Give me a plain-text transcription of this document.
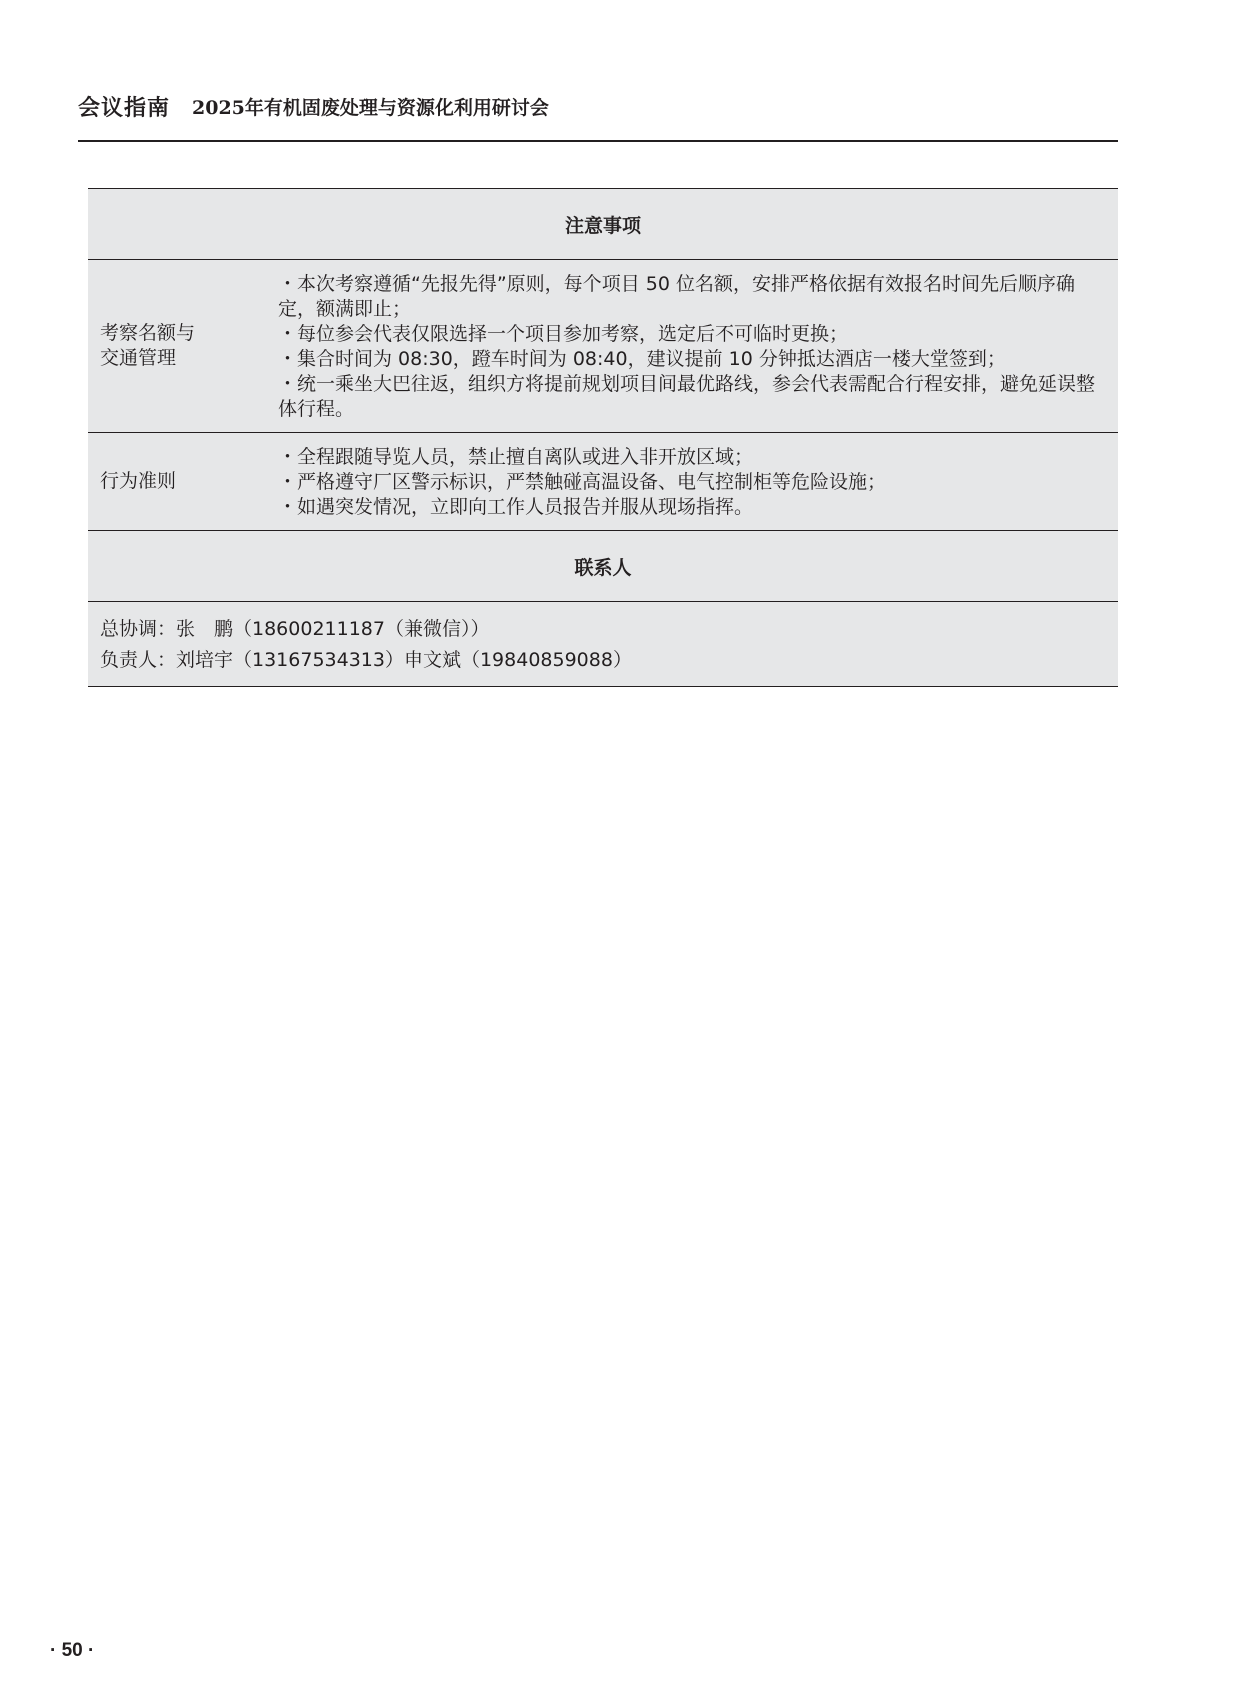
会议指南 2025年有机固废处理与资源化利用研讨会
注意事项	

考察名额与
交通管理	・本次考察遵循“先报先得”原则，每个项目 50 位名额，安排严格依据有效报名时间先后顺序确定，额满即止；
・每位参会代表仅限选择一个项目参加考察，选定后不可临时更换；
・集合时间为 08:30，蹬车时间为 08:40，建议提前 10 分钟抵达酒店一楼大堂签到；
・统一乘坐大巴往返，组织方将提前规划项目间最优路线，参会代表需配合行程安排，避免延误整体行程。

行为准则	・全程跟随导览人员，禁止擅自离队或进入非开放区域；
・严格遵守厂区警示标识，严禁触碰高温设备、电气控制柜等危险设施；
・如遇突发情况，立即向工作人员报告并服从现场指挥。

联系人	

总协调：张　鹏（18600211187（兼微信））
负责人：刘培宇（13167534313）申文斌（19840859088）	
· 50 ·
